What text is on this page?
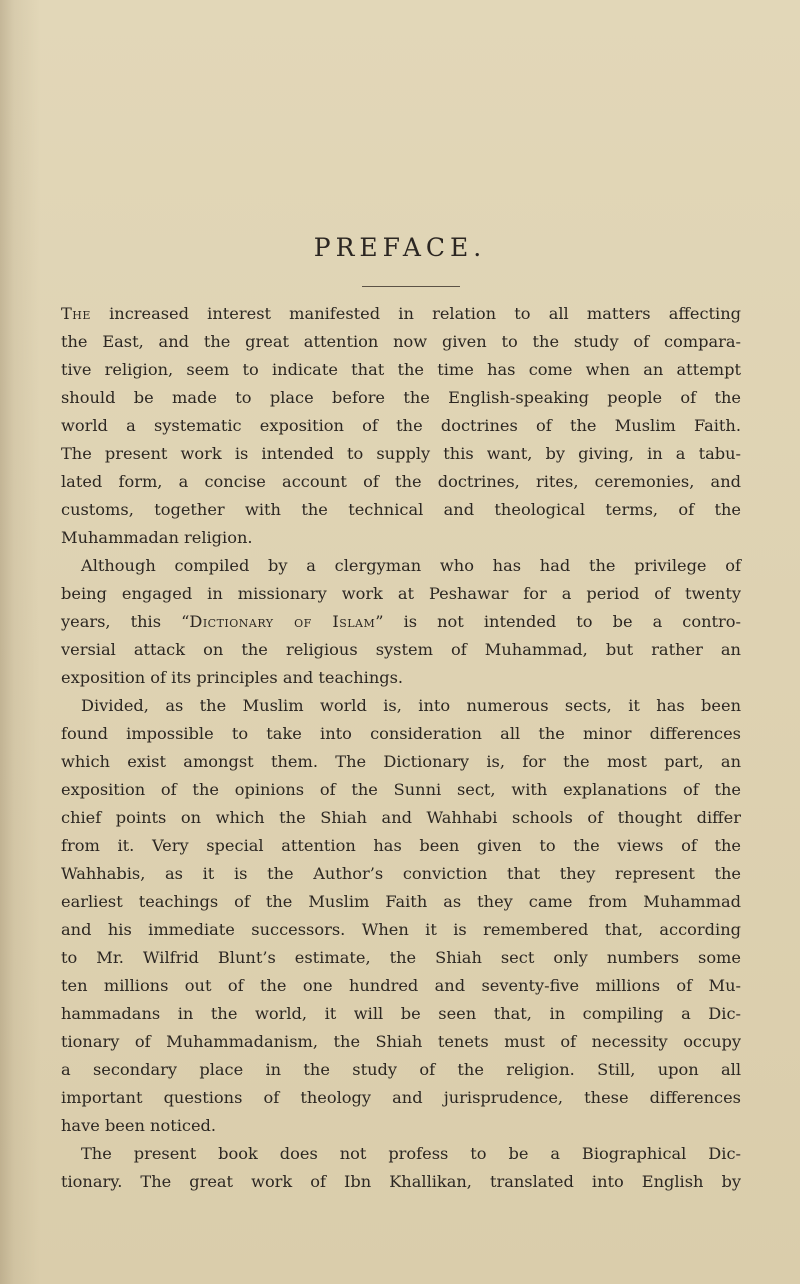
PREFACE.
The increased interest manifested in relation to all matters affecting
the East, and the great attention now given to the study of compara-
tive religion, seem to indicate that the time has come when an attempt
should be made to place before the English-speaking people of the
world a systematic exposition of the doctrines of the Muslim Faith.
The present work is intended to supply this want, by giving, in a tabu-
lated form, a concise account of the doctrines, rites, ceremonies, and
customs, together with the technical and theological terms, of the
Muhammadan religion.
Although compiled by a clergyman who has had the privilege of
being engaged in missionary work at Peshawar for a period of twenty
years, this “Dictionary of Islam” is not intended to be a contro-
versial attack on the religious system of Muhammad, but rather an
exposition of its principles and teachings.
Divided, as the Muslim world is, into numerous sects, it has been
found impossible to take into consideration all the minor differences
which exist amongst them. The Dictionary is, for the most part, an
exposition of the opinions of the Sunni sect, with explanations of the
chief points on which the Shiah and Wahhabi schools of thought differ
from it. Very special attention has been given to the views of the
Wahhabis, as it is the Author’s conviction that they represent the
earliest teachings of the Muslim Faith as they came from Muhammad
and his immediate successors. When it is remembered that, according
to Mr. Wilfrid Blunt’s estimate, the Shiah sect only numbers some
ten millions out of the one hundred and seventy-five millions of Mu-
hammadans in the world, it will be seen that, in compiling a Dic-
tionary of Muhammadanism, the Shiah tenets must of necessity occupy
a secondary place in the study of the religion. Still, upon all
important questions of theology and jurisprudence, these differences
have been noticed.
The present book does not profess to be a Biographical Dic-
tionary. The great work of Ibn Khallikan, translated into English by
